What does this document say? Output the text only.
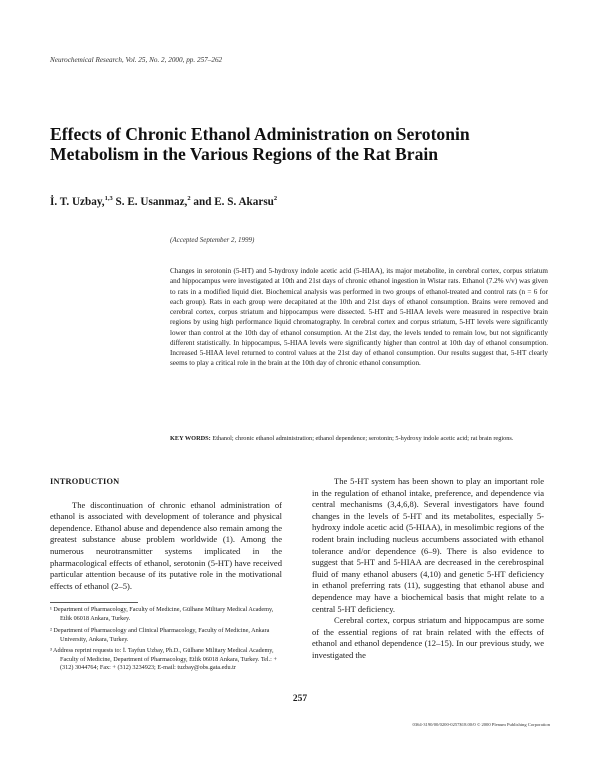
Neurochemical Research, Vol. 25, No. 2, 2000, pp. 257–262
Effects of Chronic Ethanol Administration on Serotonin
Metabolism in the Various Regions of the Rat Brain
İ. T. Uzbay,$^{1,3}$ S. E. Usanmaz,$^2$ and E. S. Akarsu$^2$
(Accepted September 2, 1999)
Changes in serotonin (5-HT) and 5-hydroxy indole acetic acid (5-HIAA), its major metabolite, in cerebral cortex, corpus striatum and hippocampus were investigated at 10th and 21st days of chronic ethanol ingestion in Wistar rats. Ethanol (7.2% v/v) was given to rats in a modified liquid diet. Biochemical analysis was performed in two groups of ethanol-treated and control rats (n = 6 for each group). Rats in each group were decapitated at the 10th and 21st days of ethanol consumption. Brains were removed and cerebral cortex, corpus striatum and hippocampus were dissected. 5-HT and 5-HIAA levels were measured in respective brain regions by using high performance liquid chromatography. In cerebral cortex and corpus striatum, 5-HT levels were significantly lower than control at the 10th day of ethanol consumption. At the 21st day, the levels tended to remain low, but not significantly different statistically. In hippocampus, 5-HIAA levels were significantly higher than control at 10th day of ethanol consumption. Increased 5-HIAA level returned to control values at the 21st day of ethanol consumption. Our results suggest that, 5-HT clearly seems to play a critical role in the brain at the 10th day of chronic ethanol consumption.
KEY WORDS: Ethanol; chronic ethanol administration; ethanol dependence; serotonin; 5-hydroxy indole acetic acid; rat brain regions.
INTRODUCTION

The discontinuation of chronic ethanol administration of ethanol is associated with development of tolerance and physical dependence. Ethanol abuse and dependence also remain among the greatest substance abuse problem worldwide (1). Among the numerous neurotransmitter systems implicated in the pharmacological effects of ethanol, serotonin (5-HT) have received particular attention because of its putative role in the motivational effects of ethanol (2–5).

¹ Department of Pharmacology, Faculty of Medicine, Gülhane Military Medical Academy, Etlik 06018 Ankara, Turkey.
² Department of Pharmacology and Clinical Pharmacology, Faculty of Medicine, Ankara University, Ankara, Turkey.
³ Address reprint requests to: İ. Tayfun Uzbay, Ph.D., Gülhane Military Medical Academy, Faculty of Medicine, Department of Pharmacology, Etlik 06018 Ankara, Turkey. Tel.: + (312) 3044764; Fax: + (312) 3234923; E-mail: tuzbay@obs.gata.edu.tr

The 5-HT system has been shown to play an important role in the regulation of ethanol intake, preference, and dependence via central mechanisms (3,4,6,8). Several investigators have found changes in the levels of 5-HT and its metabolites, especially 5-hydroxy indole acetic acid (5-HIAA), in mesolimbic regions of the rodent brain including nucleus accumbens associated with ethanol tolerance and/or dependence (6–9). There is also evidence to suggest that 5-HT and 5-HIAA are decreased in the cerebrospinal fluid of many ethanol abusers (4,10) and genetic 5-HT deficiency in ethanol preferring rats (11), suggesting that ethanol abuse and dependence may have a biochemical basis that might relate to a central 5-HT deficiency.

Cerebral cortex, corpus striatum and hippocampus are some of the essential regions of rat brain related with the effects of ethanol and ethanol dependence (12–15). In our previous study, we investigated the

257
0364-3190/00/0200-0257$18.00/0 © 2000 Plenum Publishing Corporation
